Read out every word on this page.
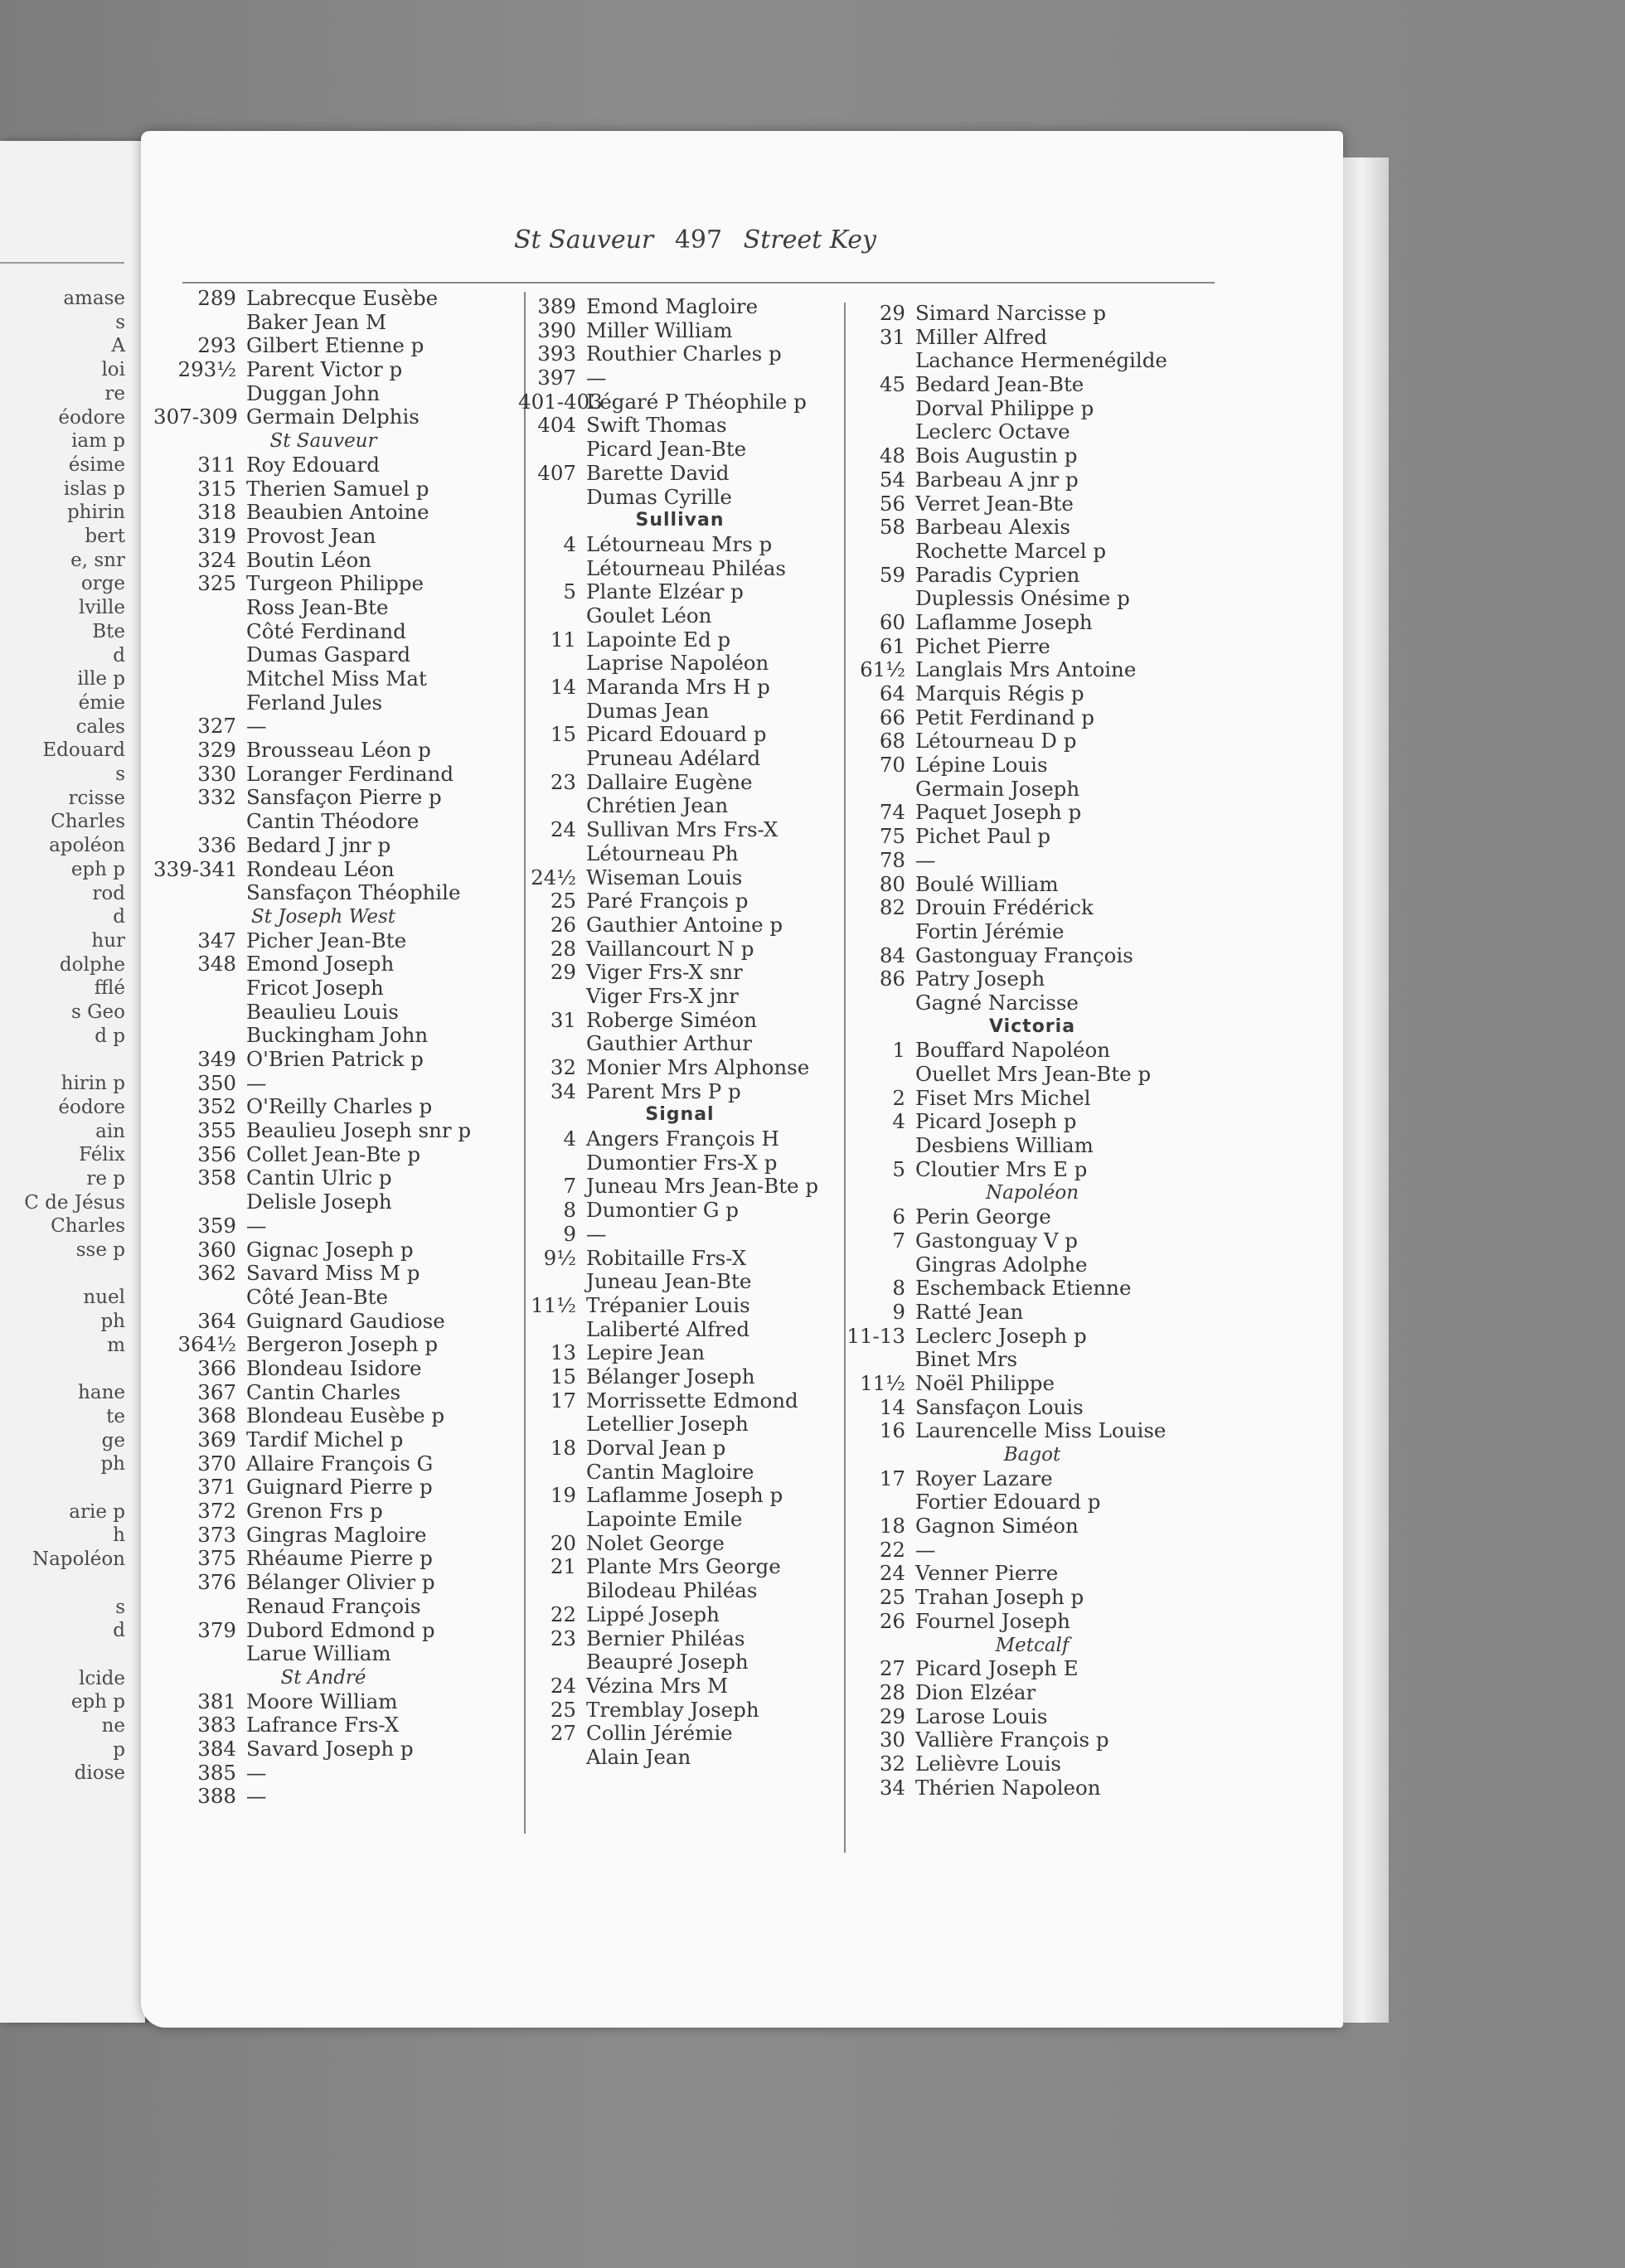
amase
s
A
loi
re
éodore
iam p
ésime
islas p
phirin
bert
e, snr
orge
lville
Bte
d
ille p
émie
cales
Edouard
s
rcisse
Charles
apoléon
eph p
rod
d
hur
dolphe
fflé
s Geo
d p
hirin p
éodore
ain
Félix
re p
C de Jésus
Charles
sse p
nuel
ph
m
hane
te
ge
ph
arie p
h
Napoléon
s
d
lcide
eph p
ne
p
diose
St Sauveur 497 Street Key
289 Labrecque Eusèbe
Baker Jean M
293 Gilbert Etienne p
293½ Parent Victor p
Duggan John
307-309 Germain Delphis
St Sauveur
311 Roy Edouard
315 Therien Samuel p
318 Beaubien Antoine
319 Provost Jean
324 Boutin Léon
325 Turgeon Philippe
Ross Jean-Bte
Côté Ferdinand
Dumas Gaspard
Mitchel Miss Mat
Ferland Jules
327 —
329 Brousseau Léon p
330 Loranger Ferdinand
332 Sansfaçon Pierre p
Cantin Théodore
336 Bedard J jnr p
339-341 Rondeau Léon
Sansfaçon Théophile
St Joseph West
347 Picher Jean-Bte
348 Emond Joseph
Fricot Joseph
Beaulieu Louis
Buckingham John
349 O'Brien Patrick p
350 —
352 O'Reilly Charles p
355 Beaulieu Joseph snr p
356 Collet Jean-Bte p
358 Cantin Ulric p
Delisle Joseph
359 —
360 Gignac Joseph p
362 Savard Miss M p
Côté Jean-Bte
364 Guignard Gaudiose
364½ Bergeron Joseph p
366 Blondeau Isidore
367 Cantin Charles
368 Blondeau Eusèbe p
369 Tardif Michel p
370 Allaire François G
371 Guignard Pierre p
372 Grenon Frs p
373 Gingras Magloire
375 Rhéaume Pierre p
376 Bélanger Olivier p
Renaud François
379 Dubord Edmond p
Larue William
St André
381 Moore William
383 Lafrance Frs-X
384 Savard Joseph p
385 —
388 —
389 Emond Magloire
390 Miller William
393 Routhier Charles p
397 —
401-403
Légaré P Théophile p
404 Swift Thomas
Picard Jean-Bte
407 Barette David
Dumas Cyrille
Sullivan
4 Létourneau Mrs p
Létourneau Philéas
5 Plante Elzéar p
Goulet Léon
11 Lapointe Ed p
Laprise Napoléon
14 Maranda Mrs H p
Dumas Jean
15 Picard Edouard p
Pruneau Adélard
23 Dallaire Eugène
Chrétien Jean
24 Sullivan Mrs Frs-X
Létourneau Ph
24½ Wiseman Louis
25 Paré François p
26 Gauthier Antoine p
28 Vaillancourt N p
29 Viger Frs-X snr
Viger Frs-X jnr
31 Roberge Siméon
Gauthier Arthur
32 Monier Mrs Alphonse
34 Parent Mrs P p
Signal
4 Angers François H
Dumontier Frs-X p
7 Juneau Mrs Jean-Bte p
8 Dumontier G p
9 —
9½ Robitaille Frs-X
Juneau Jean-Bte
11½ Trépanier Louis
Laliberté Alfred
13 Lepire Jean
15 Bélanger Joseph
17 Morrissette Edmond
Letellier Joseph
18 Dorval Jean p
Cantin Magloire
19 Laflamme Joseph p
Lapointe Emile
20 Nolet George
21 Plante Mrs George
Bilodeau Philéas
22 Lippé Joseph
23 Bernier Philéas
Beaupré Joseph
24 Vézina Mrs M
25 Tremblay Joseph
27 Collin Jérémie
Alain Jean
29 Simard Narcisse p
31 Miller Alfred
Lachance Hermenégilde
45 Bedard Jean-Bte
Dorval Philippe p
Leclerc Octave
48 Bois Augustin p
54 Barbeau A jnr p
56 Verret Jean-Bte
58 Barbeau Alexis
Rochette Marcel p
59 Paradis Cyprien
Duplessis Onésime p
60 Laflamme Joseph
61 Pichet Pierre
61½ Langlais Mrs Antoine
64 Marquis Régis p
66 Petit Ferdinand p
68 Létourneau D p
70 Lépine Louis
Germain Joseph
74 Paquet Joseph p
75 Pichet Paul p
78 —
80 Boulé William
82 Drouin Frédérick
Fortin Jérémie
84 Gastonguay François
86 Patry Joseph
Gagné Narcisse
Victoria
1 Bouffard Napoléon
Ouellet Mrs Jean-Bte p
2 Fiset Mrs Michel
4 Picard Joseph p
Desbiens William
5 Cloutier Mrs E p
Napoléon
6 Perin George
7 Gastonguay V p
Gingras Adolphe
8 Eschemback Etienne
9 Ratté Jean
11-13 Leclerc Joseph p
Binet Mrs
11½ Noël Philippe
14 Sansfaçon Louis
16 Laurencelle Miss Louise
Bagot
17 Royer Lazare
Fortier Edouard p
18 Gagnon Siméon
22 —
24 Venner Pierre
25 Trahan Joseph p
26 Fournel Joseph
Metcalf
27 Picard Joseph E
28 Dion Elzéar
29 Larose Louis
30 Vallière François p
32 Lelièvre Louis
34 Thérien Napoleon
